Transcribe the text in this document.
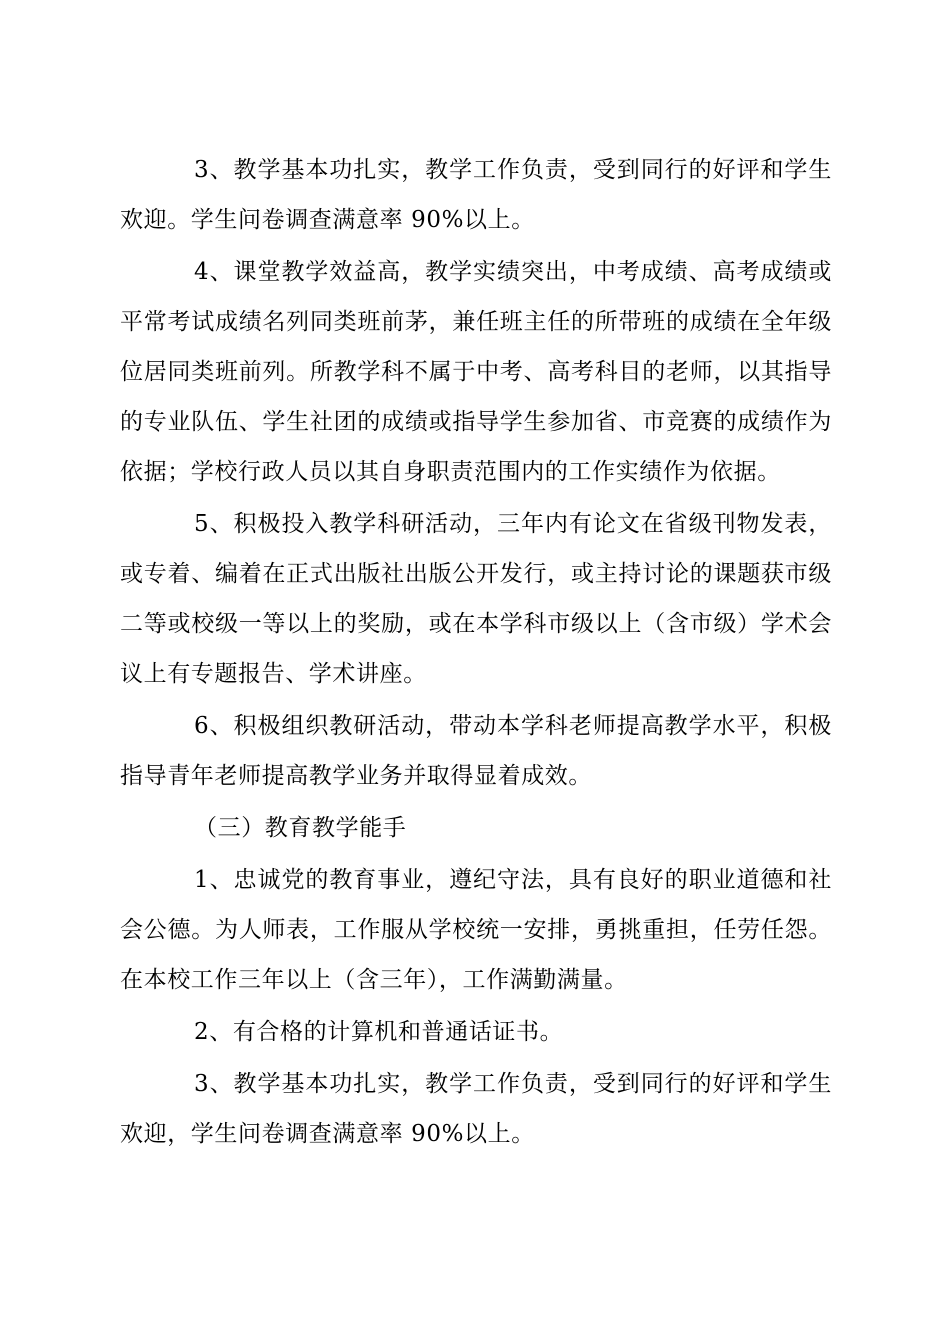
3、教学基本功扎实，教学工作负责，受到同行的好评和学生欢迎。学生问卷调查满意率 90%以上。

4、课堂教学效益高，教学实绩突出，中考成绩、高考成绩或平常考试成绩名列同类班前茅，兼任班主任的所带班的成绩在全年级位居同类班前列。所教学科不属于中考、高考科目的老师，以其指导的专业队伍、学生社团的成绩或指导学生参加省、市竞赛的成绩作为依据；学校行政人员以其自身职责范围内的工作实绩作为依据。

5、积极投入教学科研活动，三年内有论文在省级刊物发表，或专着、编着在正式出版社出版公开发行，或主持讨论的课题获市级二等或校级一等以上的奖励，或在本学科市级以上（含市级）学术会议上有专题报告、学术讲座。

6、积极组织教研活动，带动本学科老师提高教学水平，积极指导青年老师提高教学业务并取得显着成效。

（三）教育教学能手

1、忠诚党的教育事业，遵纪守法，具有良好的职业道德和社会公德。为人师表，工作服从学校统一安排，勇挑重担，任劳任怨。在本校工作三年以上（含三年），工作满勤满量。

2、有合格的计算机和普通话证书。

3、教学基本功扎实，教学工作负责，受到同行的好评和学生欢迎，学生问卷调查满意率 90%以上。
